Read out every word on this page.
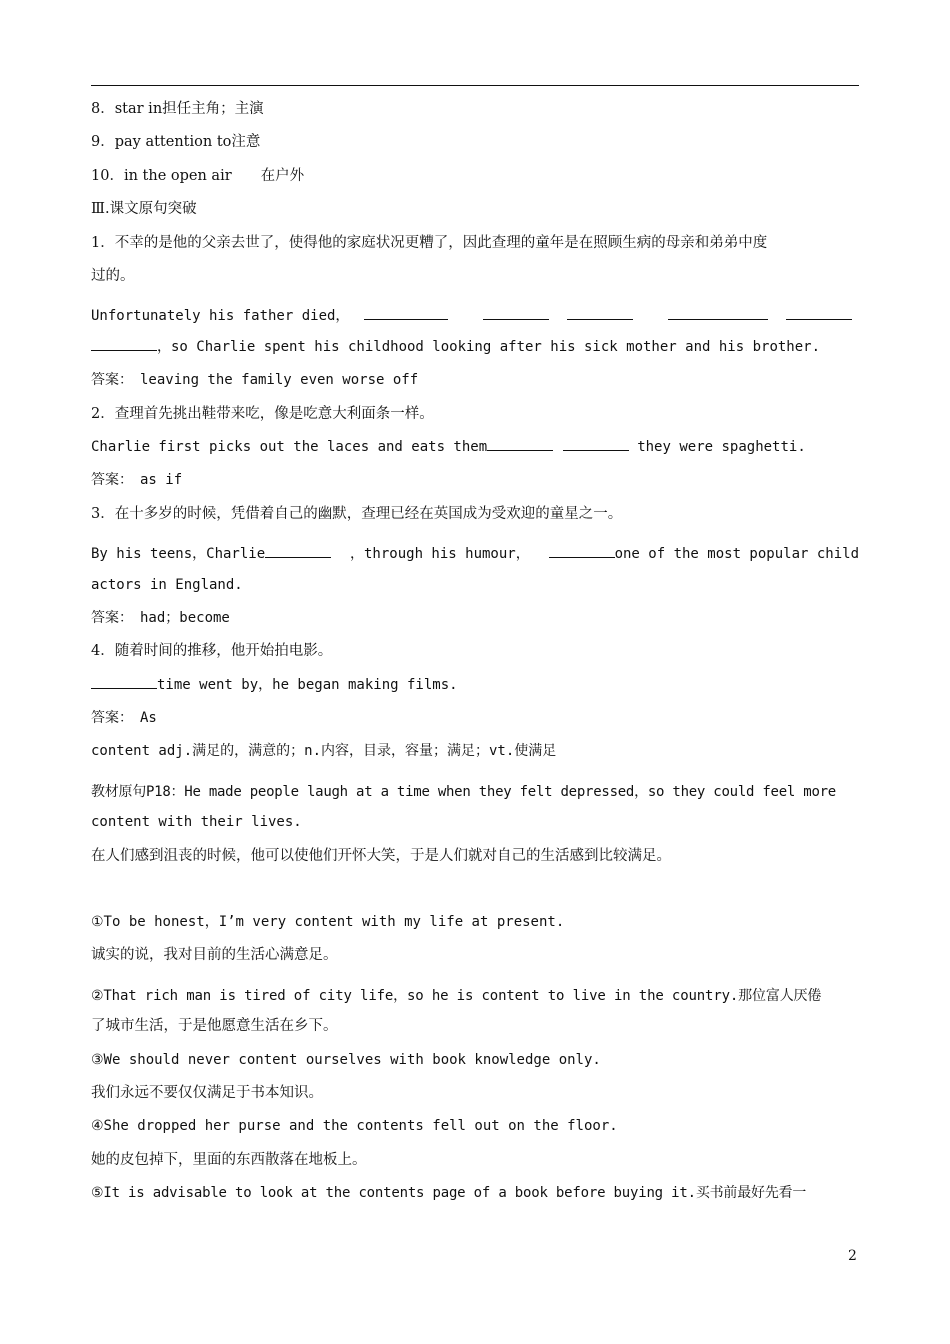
8．star in担任主角；主演
9．pay attention to注意
10．in the open air　　在户外
Ⅲ.课文原句突破
1．不幸的是他的父亲去世了，使得他的家庭状况更糟了，因此查理的童年是在照顾生病的母亲和弟弟中度
过的。
Unfortunately his father died，
，so Charlie spent his childhood looking after his sick mother and his brother.
答案：　leaving the family even worse off
2．查理首先挑出鞋带来吃，像是吃意大利面条一样。
Charlie first picks out the laces and eats them	they were spaghetti.
答案：　as if
3．在十多岁的时候，凭借着自己的幽默，查理已经在英国成为受欢迎的童星之一。
By his teens，Charlie	，through his humour，	one of the most popular child
actors in England.
答案：　had；become
4．随着时间的推移，他开始拍电影。
time went by，he began making films.
答案：　As
content adj.满足的，满意的；n.内容，目录，容量；满足；vt.使满足
教材原句P18：He made people laugh at a time when they felt depressed，so they could feel more
content with their lives.
在人们感到沮丧的时候，他可以使他们开怀大笑，于是人们就对自己的生活感到比较满足。
①To be honest，I’m very content with my life at present.
诚实的说，我对目前的生活心满意足。
②That rich man is tired of city life，so he is content to live in the country.那位富人厌倦
了城市生活，于是他愿意生活在乡下。
③We should never content ourselves with book knowledge only.
我们永远不要仅仅满足于书本知识。
④She dropped her purse and the contents fell out on the floor.
她的皮包掉下，里面的东西散落在地板上。
⑤It is advisable to look at the contents page of a book before buying it.买书前最好先看一
2
